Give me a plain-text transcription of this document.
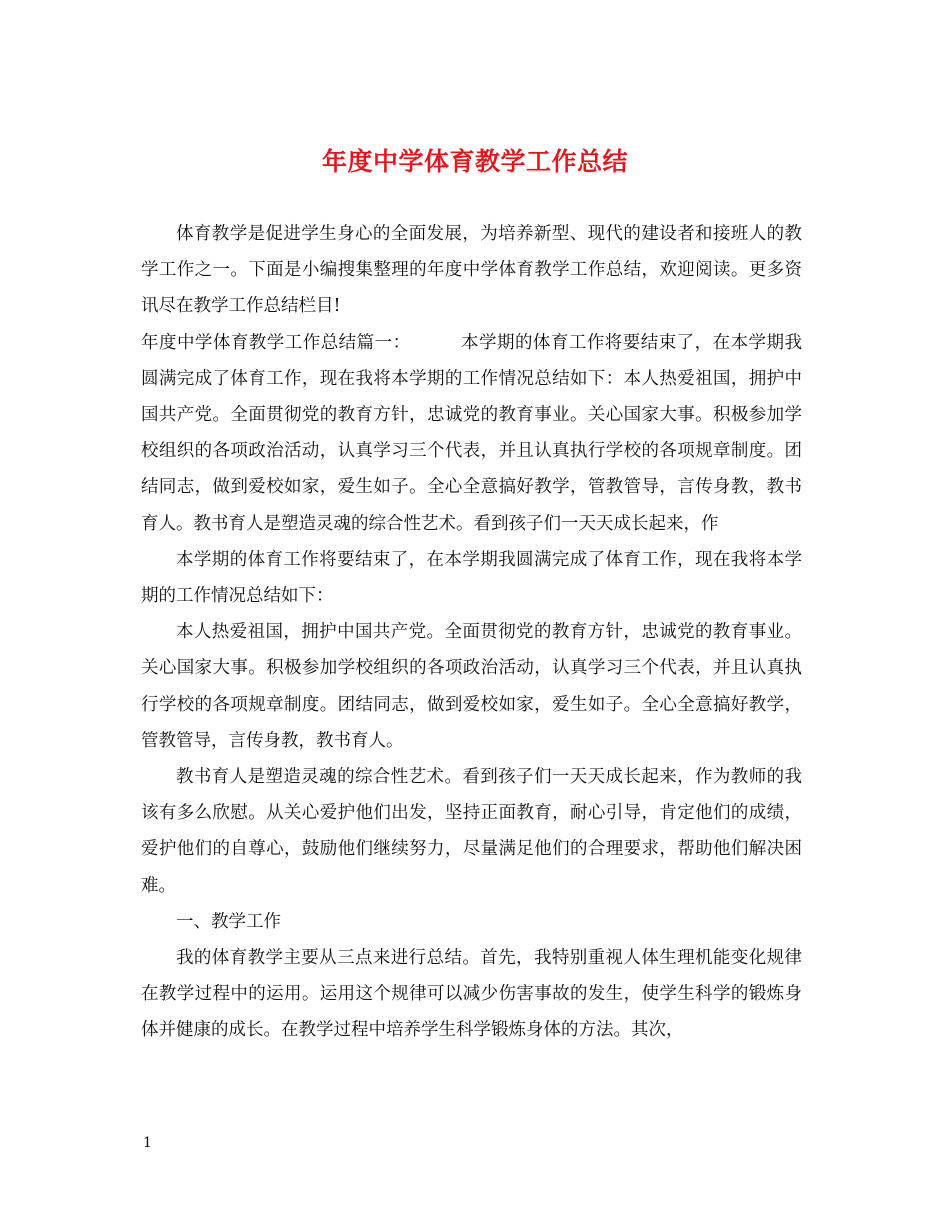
年度中学体育教学工作总结

体育教学是促进学生身心的全面发展，为培养新型、现代的建设者和接班人的教学工作之一。下面是小编搜集整理的年度中学体育教学工作总结，欢迎阅读。更多资讯尽在教学工作总结栏目!

年度中学体育教学工作总结篇一：	本学期的体育工作将要结束了，在本学期我圆满完成了体育工作，现在我将本学期的工作情况总结如下：本人热爱祖国，拥护中国共产党。全面贯彻党的教育方针，忠诚党的教育事业。关心国家大事。积极参加学校组织的各项政治活动，认真学习三个代表，并且认真执行学校的各项规章制度。团结同志，做到爱校如家，爱生如子。全心全意搞好教学，管教管导，言传身教，教书育人。教书育人是塑造灵魂的综合性艺术。看到孩子们一天天成长起来，作

本学期的体育工作将要结束了，在本学期我圆满完成了体育工作，现在我将本学期的工作情况总结如下：

本人热爱祖国，拥护中国共产党。全面贯彻党的教育方针，忠诚党的教育事业。关心国家大事。积极参加学校组织的各项政治活动，认真学习三个代表，并且认真执行学校的各项规章制度。团结同志，做到爱校如家，爱生如子。全心全意搞好教学，管教管导，言传身教，教书育人。

教书育人是塑造灵魂的综合性艺术。看到孩子们一天天成长起来，作为教师的我该有多么欣慰。从关心爱护他们出发，坚持正面教育，耐心引导，肯定他们的成绩，爱护他们的自尊心，鼓励他们继续努力，尽量满足他们的合理要求，帮助他们解决困难。

一、教学工作

我的体育教学主要从三点来进行总结。首先，我特别重视人体生理机能变化规律在教学过程中的运用。运用这个规律可以减少伤害事故的发生，使学生科学的锻炼身体并健康的成长。在教学过程中培养学生科学锻炼身体的方法。其次，

1
